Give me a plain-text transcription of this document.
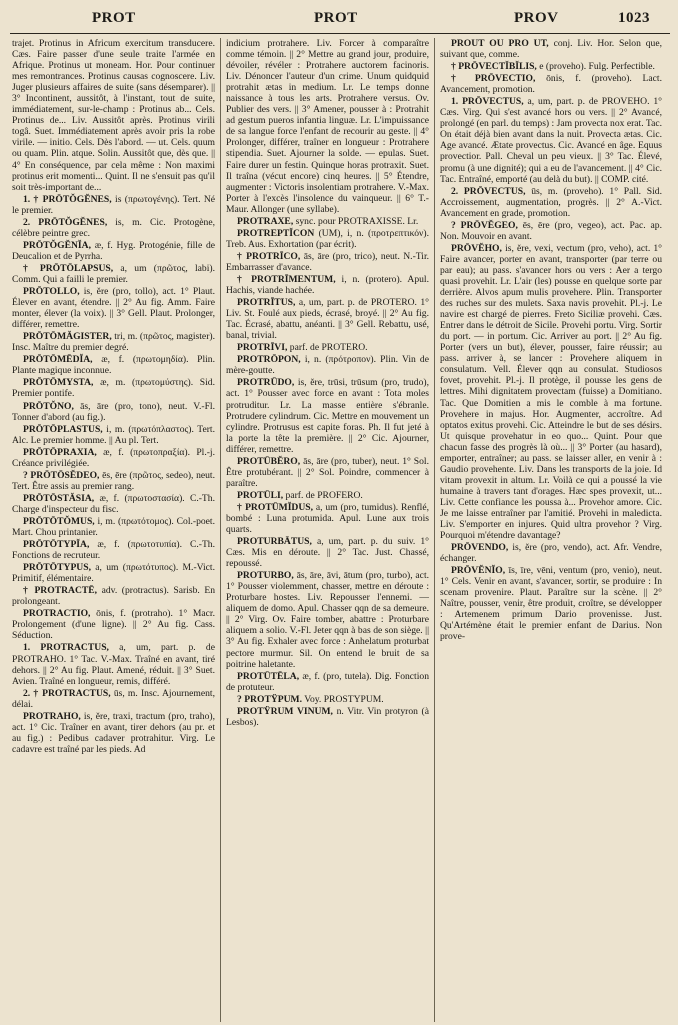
PROT	PROT	PROV	1023

trajet. Protinus in Africum exercitum transducere. Cæs. Faire passer d'une seule traite l'armée en Afrique. Protinus ut moneam. Hor. Pour continuer mes remontrances. Protinus causas cognoscere. Liv. Juger plusieurs affaires de suite (sans désemparer). || 3° Incontinent, aussitôt, à l'instant, tout de suite, immédiatement, sur-le-champ : Protinus ab... Cels. Protinus de... Liv. Aussitôt après. Protinus virili togâ. Suet. Immédiatement après avoir pris la robe virile. — initio. Cels. Dès l'abord. — ut. Cels. quum ou quam. Plin. atque. Solin. Aussitôt que, dès que. || 4° En conséquence, par cela même : Non maximi protinus erit momenti... Quint. Il ne s'ensuit pas qu'il soit très-important de...

1. † PRŌTŎGĔNES, is (πρωτογένης). Tert. Né le premier.

2. PRŌTŎGĔNES, is, m. Cic. Protogène, célèbre peintre grec.

PRŌTŎGĔNĬA, æ, f. Hyg. Protogénie, fille de Deucalion et de Pyrrha.

† PRŌTŌLAPSUS, a, um (πρῶτος, labi). Comm. Qui a failli le premier.

PRŌTOLLO, is, ĕre (pro, tollo), act. 1° Plaut. Élever en avant, étendre. || 2° Au fig. Amm. Faire monter, élever (la voix). || 3° Gell. Plaut. Prolonger, différer, remettre.

PRŌTŌMĂGISTER, tri, m. (πρῶτος, magister). Insc. Maître du premier degré.

PRŌTŌMĒDĬA, æ, f. (πρωτομηδία). Plin. Plante magique inconnue.

PRŌTŌMYSTA, æ, m. (πρωτομύστης). Sid. Premier pontife.

PRŌTŎNO, ās, āre (pro, tono), neut. V.-Fl. Tonner d'abord (au fig.).

PRŌTŌPLASTUS, i, m. (πρωτόπλαστος). Tert. Alc. Le premier homme. || Au pl. Tert.

PRŌTŌPRAXIA, æ, f. (πρωτοπραξία). Pl.-j. Créance privilégiée.

? PRŌTŌSĔDEO, ēs, ēre (πρῶτος, sedeo), neut. Tert. Être assis au premier rang.

PRŌTŌSTĂSIA, æ, f. (πρωτοστασία). C.-Th. Charge d'inspecteur du fisc.

PRŌTŌTŎMUS, i, m. (πρωτότομος). Col.-poet. Mart. Chou printanier.

PRŌTŌTYPĬA, æ, f. (πρωτοτυπία). C.-Th. Fonctions de recruteur.

PRŌTŌTYPUS, a, um (πρωτότυπος). M.-Vict. Primitif, élémentaire.

† PROTRACTĒ, adv. (protractus). Sarisb. En prolongeant.

PROTRACTIO, ōnis, f. (protraho). 1° Macr. Prolongement (d'une ligne). || 2° Au fig. Cass. Séduction.

1. PROTRACTUS, a, um, part. p. de PROTRAHO. 1° Tac. V.-Max. Traîné en avant, tiré dehors. || 2° Au fig. Plaut. Amené, réduit. || 3° Suet. Avien. Traîné en longueur, remis, différé.

2. † PROTRACTUS, ūs, m. Insc. Ajournement, délai.

PROTRAHO, is, ĕre, traxi, tractum (pro, traho), act. 1° Cic. Traîner en avant, tirer dehors (au pr. et au fig.) : Pedibus cadaver protrahitur. Virg. Le cadavre est traîné par les pieds. Ad

indicium protrahere. Liv. Forcer à comparaître comme témoin. || 2° Mettre au grand jour, produire, dévoiler, révéler : Protrahere auctorem facinoris. Liv. Dénoncer l'auteur d'un crime. Unum quidquid protrahit ætas in medium. Lr. Le temps donne naissance à tous les arts. Protrahere versus. Ov. Publier des vers. || 3° Amener, pousser à : Protrahit ad gestum pueros infantia linguæ. Lr. L'impuissance de sa langue force l'enfant de recourir au geste. || 4° Prolonger, différer, traîner en longueur : Protrahere stipendia. Suet. Ajourner la solde. — epulas. Suet. Faire durer un festin. Quinque horas protraxit. Suet. Il traîna (vécut encore) cinq heures. || 5° Étendre, augmenter : Victoris insolentiam protrahere. V.-Max. Porter à l'excès l'insolence du vainqueur. || 6° T.-Maur. Allonger (une syllabe).

PROTRAXE, sync. pour PROTRAXISSE. Lr.

PROTREPTĬCON (UM), i, n. (προτρεπτικόν). Treb. Aus. Exhortation (par écrit).

† PROTRĪCO, ās, āre (pro, trico), neut. N.-Tir. Embarrasser d'avance.

† PROTRĪMENTUM, i, n. (protero). Apul. Hachis, viande hachée.

PROTRĪTUS, a, um, part. p. de PROTERO. 1° Liv. St. Foulé aux pieds, écrasé, broyé. || 2° Au fig. Tac. Écrasé, abattu, anéanti. || 3° Gell. Rebattu, usé, banal, trivial.

PROTRĪVI, parf. de PROTERO.

PROTRŌPON, i, n. (πρότροπον). Plin. Vin de mère-goutte.

PROTRŪDO, is, ĕre, trūsi, trūsum (pro, trudo), act. 1° Pousser avec force en avant : Tota moles protruditur. Lr. La masse entière s'ébranle. Protrudere cylindrum. Cic. Mettre en mouvement un cylindre. Protrusus est capite foras. Ph. Il fut jeté à la porte la tête la première. || 2° Cic. Ajourner, différer, remettre.

PROTŪBĔRO, ās, āre (pro, tuber), neut. 1° Sol. Être protubérant. || 2° Sol. Poindre, commencer à paraître.

PROTŪLI, parf. de PROFERO.

† PROTŪMĬDUS, a, um (pro, tumidus). Renflé, bombé : Luna protumida. Apul. Lune aux trois quarts.

PROTURBĀTUS, a, um, part. p. du suiv. 1° Cæs. Mis en déroute. || 2° Tac. Just. Chassé, repoussé.

PROTURBO, ās, āre, āvi, ātum (pro, turbo), act. 1° Pousser violemment, chasser, mettre en déroute : Proturbare hostes. Liv. Repousser l'ennemi. — aliquem de domo. Apul. Chasser qqn de sa demeure. || 2° Virg. Ov. Faire tomber, abattre : Proturbare aliquem a solio. V.-Fl. Jeter qqn à bas de son siège. || 3° Au fig. Exhaler avec force : Anhelatum proturbat pectore murmur. Sil. On entend le bruit de sa poitrine haletante.

PROTŪTĒLA, æ, f. (pro, tutela). Dig. Fonction de protuteur.

? PROTŸPUM. Voy. PROSTYPUM.

PROTŸRUM VINUM, n. Vitr. Vin protyron (à Lesbos).

PROUT OU PRO UT, conj. Liv. Hor. Selon que, suivant que, comme.

† PRŌVECTĬBĬLIS, e (proveho). Fulg. Perfectible.

† PRŌVECTIO, ōnis, f. (proveho). Lact. Avancement, promotion.

1. PRŌVECTUS, a, um, part. p. de PROVEHO. 1° Cæs. Virg. Qui s'est avancé hors ou vers. || 2° Avancé, prolongé (en parl. du temps) : Jam provecta nox erat. Tac. On était déjà bien avant dans la nuit. Provecta ætas. Cic. Age avancé. Ætate provectus. Cic. Avancé en âge. Equus provectior. Pall. Cheval un peu vieux. || 3° Tac. Élevé, promu (à une dignité); qui a eu de l'avancement. || 4° Cic. Tac. Entraîné, emporté (au delà du but). || COMP. cité.

2. PRŌVECTUS, ūs, m. (proveho). 1° Pall. Sid. Accroissement, augmentation, progrès. || 2° A.-Vict. Avancement en grade, promotion.

? PRŌVĔGEO, ēs, ēre (pro, vegeo), act. Pac. ap. Non. Mouvoir en avant.

PRŌVĔHO, is, ĕre, vexi, vectum (pro, veho), act. 1° Faire avancer, porter en avant, transporter (par terre ou par eau); au pass. s'avancer hors ou vers : Aer a tergo quasi provehit. Lr. L'air (les) pousse en quelque sorte par derrière. Alvos apum mulis provehere. Plin. Transporter des ruches sur des mulets. Saxa navis provehit. Pl.-j. Le navire est chargé de pierres. Freto Siciliæ provehi. Cæs. Entrer dans le détroit de Sicile. Provehi portu. Virg. Sortir du port. — in portum. Cic. Arriver au port. || 2° Au fig. Porter (vers un but), élever, pousser, faire réussir; au pass. arriver à, se lancer : Provehere aliquem in consulatum. Vell. Élever qqn au consulat. Studiosos fovet, provehit. Pl.-j. Il protège, il pousse les gens de lettres. Mihi dignitatem provectam (fuisse) a Domitiano. Tac. Que Domitien a mis le comble à ma fortune. Provehere in majus. Hor. Augmenter, accroître. Ad optatos exitus provehi. Cic. Atteindre le but de ses désirs. Ut quisque provehatur in eo quo... Quint. Pour que chacun fasse des progrès là où... || 3° Porter (au hasard), emporter, entraîner; au pass. se laisser aller, en venir à : Gaudio provehente. Liv. Dans les transports de la joie. Id vitam provexit in altum. Lr. Voilà ce qui a poussé la vie humaine à travers tant d'orages. Hæc spes provexit, ut... Liv. Cette confiance les poussa à... Provehor amore. Cic. Je me laisse entraîner par l'amitié. Provehi in maledicta. Liv. S'emporter en injures. Quid ultra provehor ? Virg. Pourquoi m'étendre davantage?

PRŌVENDO, is, ĕre (pro, vendo), act. Afr. Vendre, échanger.

PRŌVĔNĬO, īs, īre, vēni, ventum (pro, venio), neut. 1° Cels. Venir en avant, s'avancer, sortir, se produire : In scenam provenire. Plaut. Paraître sur la scène. || 2° Naître, pousser, venir, être produit, croître, se développer : Artemenem primum Dario provenisse. Just. Qu'Artémène était le premier enfant de Darius. Non prove-
